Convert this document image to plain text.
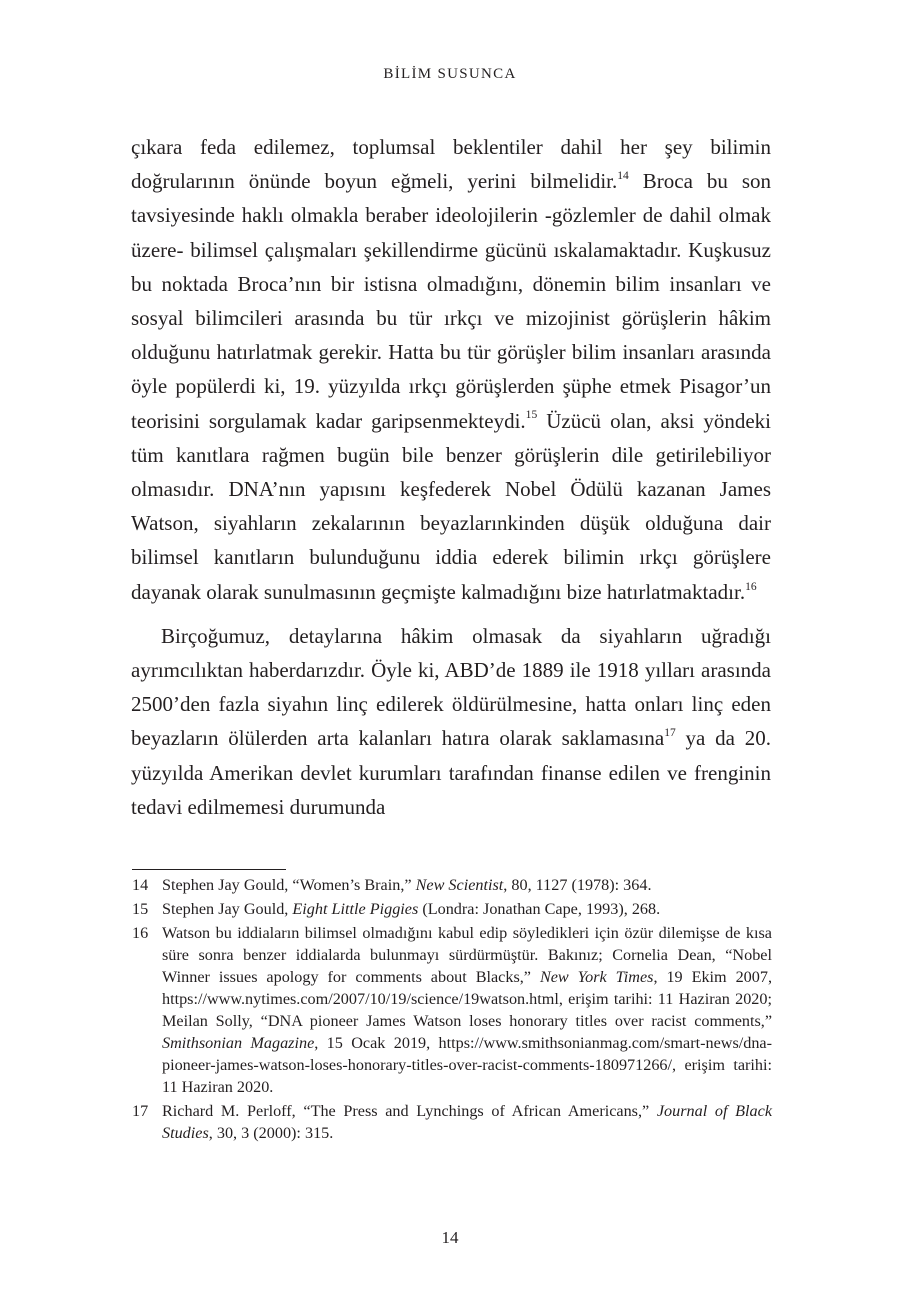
BİLİM SUSUNCA

çıkara feda edilemez, toplumsal beklentiler dahil her şey bilimin doğrularının önünde boyun eğmeli, yerini bilmelidir.$^{14}$ Broca bu son tavsiyesinde haklı olmakla beraber ideolojilerin -gözlemler de dahil olmak üzere- bilimsel çalışmaları şekillendirme gücünü ıskalamaktadır. Kuşkusuz bu noktada Broca’nın bir istisna olmadığını, dönemin bilim insanları ve sosyal bilimcileri arasında bu tür ırkçı ve mizojinist görüşlerin hâkim olduğunu hatırlatmak gerekir. Hatta bu tür görüşler bilim insanları arasında öyle popülerdi ki, 19. yüzyılda ırkçı görüşlerden şüphe etmek Pisagor’un teorisini sorgulamak kadar garipsenmekteydi.$^{15}$ Üzücü olan, aksi yöndeki tüm kanıtlara rağmen bugün bile benzer görüşlerin dile getirilebiliyor olmasıdır. DNA’nın yapısını keşfederek Nobel Ödülü kazanan James Watson, siyahların zekalarının beyazlarınkinden düşük olduğuna dair bilimsel kanıtların bulunduğunu iddia ederek bilimin ırkçı görüşlere dayanak olarak sunulmasının geçmişte kalmadığını bize hatırlatmaktadır.$^{16}$

Birçoğumuz, detaylarına hâkim olmasak da siyahların uğradığı ayrımcılıktan haberdarızdır. Öyle ki, ABD’de 1889 ile 1918 yılları arasında 2500’den fazla siyahın linç edilerek öldürülmesine, hatta onları linç eden beyazların ölülerden arta kalanları hatıra olarak saklamasına$^{17}$ ya da 20. yüzyılda Amerikan devlet kurumları tarafından finanse edilen ve frenginin tedavi edilmemesi durumunda

14 Stephen Jay Gould, “Women’s Brain,” New Scientist, 80, 1127 (1978): 364.
15 Stephen Jay Gould, Eight Little Piggies (Londra: Jonathan Cape, 1993), 268.
16 Watson bu iddiaların bilimsel olmadığını kabul edip söyledikleri için özür dilemişse de kısa süre sonra benzer iddialarda bulunmayı sürdürmüştür. Bakınız; Cornelia Dean, “Nobel Winner issues apology for comments about Blacks,” New York Times, 19 Ekim 2007, https://www.nytimes.com/2007/10/19/science/19watson.html, erişim tarihi: 11 Haziran 2020; Meilan Solly, “DNA pioneer James Watson loses honorary titles over racist comments,” Smithsonian Magazine, 15 Ocak 2019, https://www.smithsonianmag.com/smart-news/dna-pioneer-james-watson-loses-honorary-titles-over-racist-comments-180971266/, erişim tarihi: 11 Haziran 2020.
17 Richard M. Perloff, “The Press and Lynchings of African Americans,” Journal of Black Studies, 30, 3 (2000): 315.
14
